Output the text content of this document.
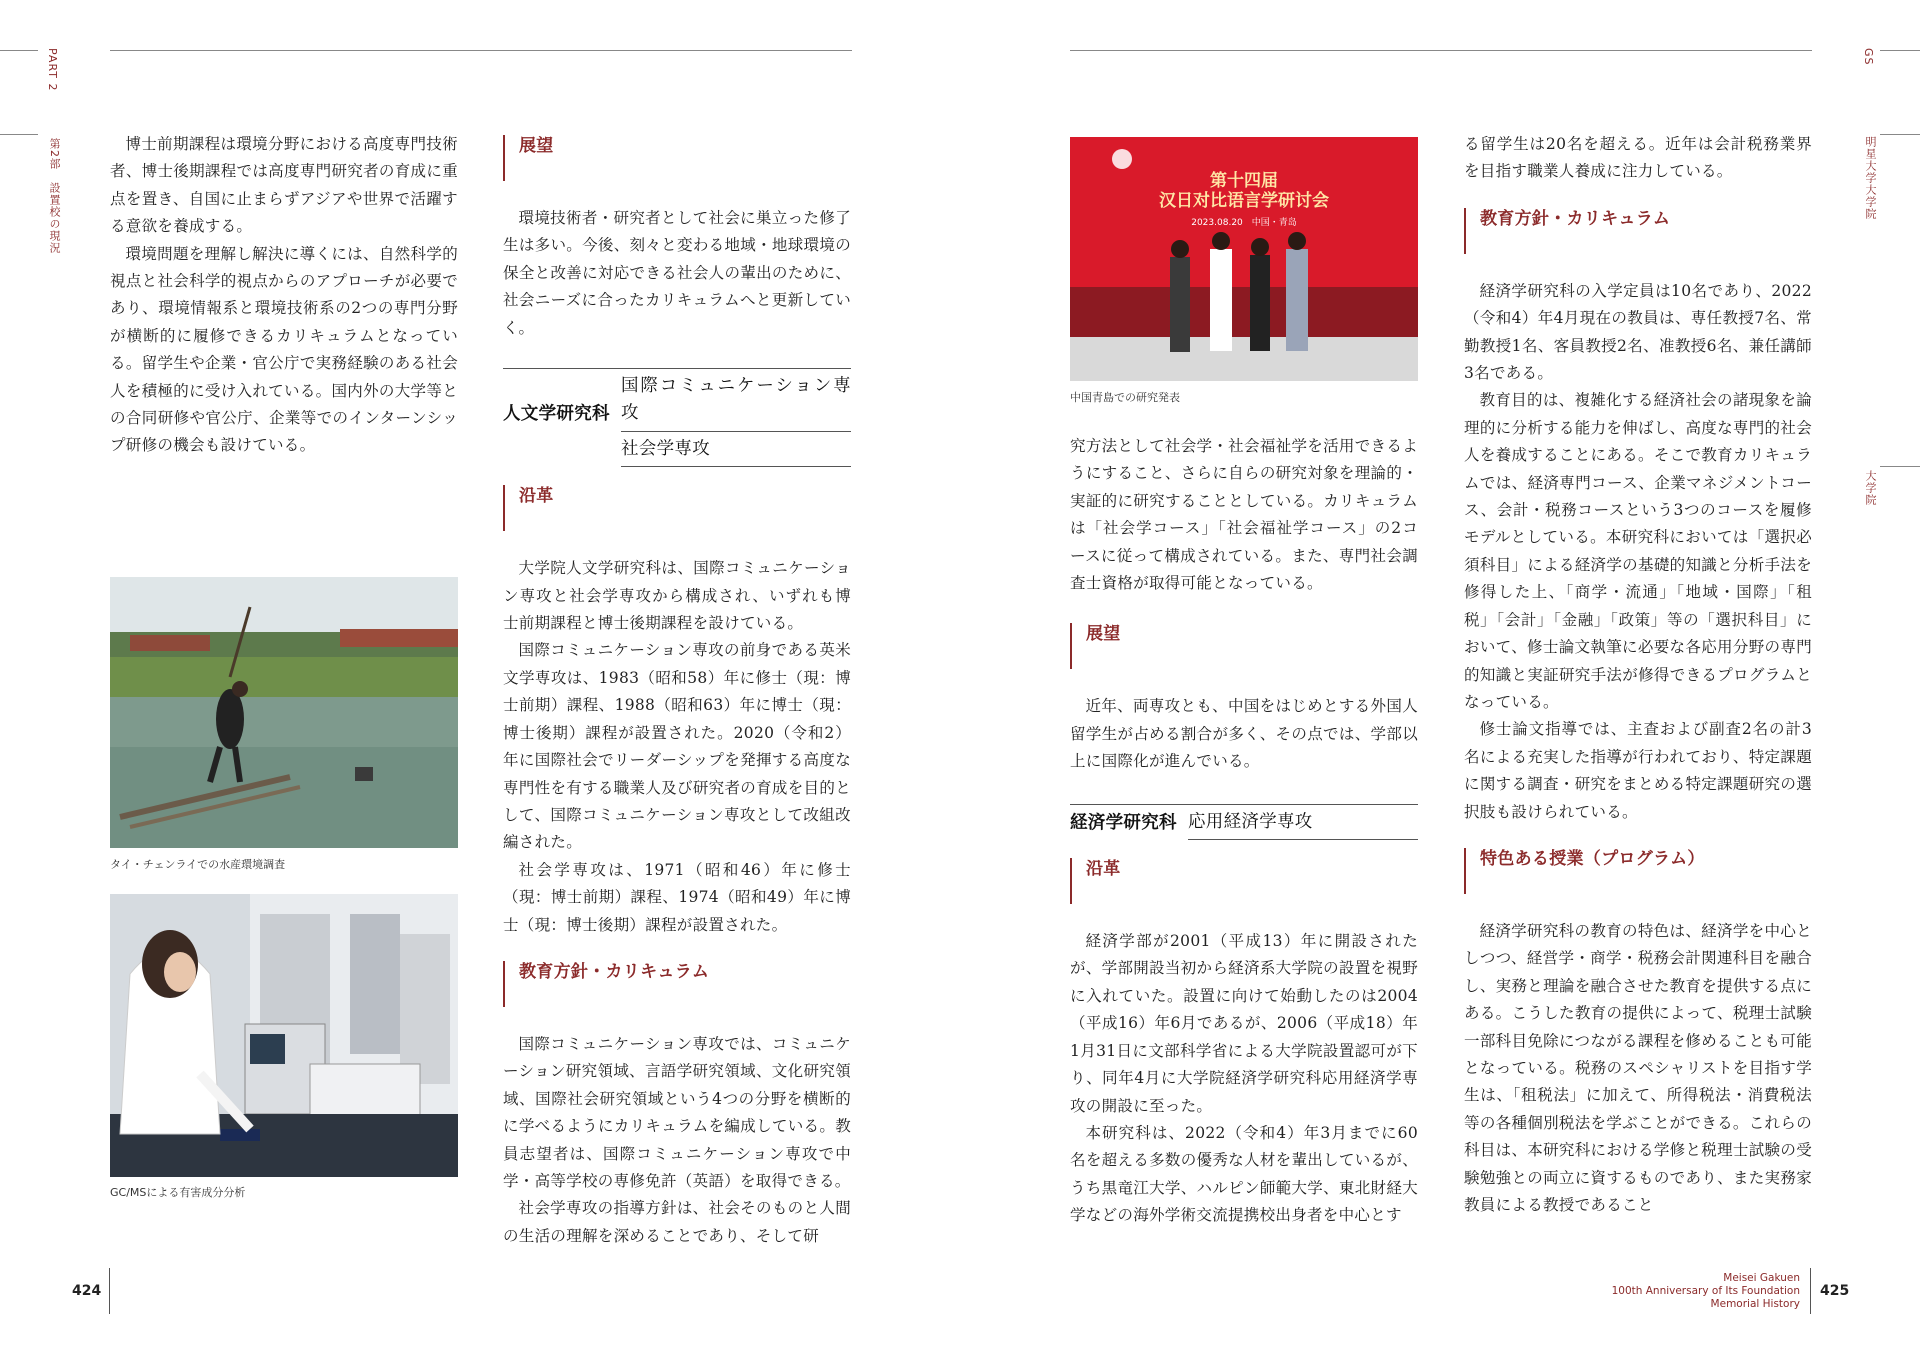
PART 2
第2部　設置校の現況
GS
明星大学大学院
大学院

博士前期課程は環境分野における高度専門技術者、博士後期課程では高度専門研究者の育成に重点を置き、自国に止まらずアジアや世界で活躍する意欲を養成する。

環境問題を理解し解決に導くには、自然科学的視点と社会科学的視点からのアプローチが必要であり、環境情報系と環境技術系の2つの専門分野が横断的に履修できるカリキュラムとなっている。留学生や企業・官公庁で実務経験のある社会人を積極的に受け入れている。国内外の大学等との合同研修や官公庁、企業等でのインターンシップ研修の機会も設けている。

タイ・チェンライでの水産環境調査
GC/MSによる有害成分分析
展望

環境技術者・研究者として社会に巣立った修了生は多い。今後、刻々と変わる地域・地球環境の保全と改善に対応できる社会人の輩出のために、社会ニーズに合ったカリキュラムへと更新していく。

人文学研究科
国際コミュニケーション専攻
社会学専攻
沿革

大学院人文学研究科は、国際コミュニケーション専攻と社会学専攻から構成され、いずれも博士前期課程と博士後期課程を設けている。

国際コミュニケーション専攻の前身である英米文学専攻は、1983（昭和58）年に修士（現：博士前期）課程、1988（昭和63）年に博士（現：博士後期）課程が設置された。2020（令和2）年に国際社会でリーダーシップを発揮する高度な専門性を有する職業人及び研究者の育成を目的として、国際コミュニケーション専攻として改組改編された。

社会学専攻は、1971（昭和46）年に修士（現：博士前期）課程、1974（昭和49）年に博士（現：博士後期）課程が設置された。

教育方針・カリキュラム

国際コミュニケーション専攻では、コミュニケーション研究領域、言語学研究領域、文化研究領域、国際社会研究領域という4つの分野を横断的に学べるようにカリキュラムを編成している。教員志望者は、国際コミュニケーション専攻で中学・高等学校の専修免許（英語）を取得できる。

社会学専攻の指導方針は、社会そのものと人間の生活の理解を深めることであり、そして研

第十四届
汉日对比语言学研讨会
2023.08.20　中国・青岛
中国青島での研究発表

究方法として社会学・社会福祉学を活用できるようにすること、さらに自らの研究対象を理論的・実証的に研究することとしている。カリキュラムは「社会学コース」「社会福祉学コース」の2コースに従って構成されている。また、専門社会調査士資格が取得可能となっている。

展望

近年、両専攻とも、中国をはじめとする外国人留学生が占める割合が多く、その点では、学部以上に国際化が進んでいる。

経済学研究科 応用経済学専攻
沿革

経済学部が2001（平成13）年に開設されたが、学部開設当初から経済系大学院の設置を視野に入れていた。設置に向けて始動したのは2004（平成16）年6月であるが、2006（平成18）年1月31日に文部科学省による大学院設置認可が下り、同年4月に大学院経済学研究科応用経済学専攻の開設に至った。

本研究科は、2022（令和4）年3月までに60名を超える多数の優秀な人材を輩出しているが、うち黒竜江大学、ハルピン師範大学、東北財経大学などの海外学術交流提携校出身者を中心とす

る留学生は20名を超える。近年は会計税務業界を目指す職業人養成に注力している。

教育方針・カリキュラム

経済学研究科の入学定員は10名であり、2022（令和4）年4月現在の教員は、専任教授7名、常勤教授1名、客員教授2名、准教授6名、兼任講師3名である。

教育目的は、複雑化する経済社会の諸現象を論理的に分析する能力を伸ばし、高度な専門的社会人を養成することにある。そこで教育カリキュラムでは、経済専門コース、企業マネジメントコース、会計・税務コースという3つのコースを履修モデルとしている。本研究科においては「選択必須科目」による経済学の基礎的知識と分析手法を修得した上、「商学・流通」「地域・国際」「租税」「会計」「金融」「政策」等の「選択科目」において、修士論文執筆に必要な各応用分野の専門的知識と実証研究手法が修得できるプログラムとなっている。

修士論文指導では、主査および副査2名の計3名による充実した指導が行われており、特定課題に関する調査・研究をまとめる特定課題研究の選択肢も設けられている。

特色ある授業（プログラム）

経済学研究科の教育の特色は、経済学を中心としつつ、経営学・商学・税務会計関連科目を融合し、実務と理論を融合させた教育を提供する点にある。こうした教育の提供によって、税理士試験一部科目免除につながる課程を修めることも可能となっている。税務のスペシャリストを目指す学生は、「租税法」に加えて、所得税法・消費税法等の各種個別税法を学ぶことができる。これらの科目は、本研究科における学修と税理士試験の受験勉強との両立に資するものであり、また実務家教員による教授であること

424
Meisei Gakuen
100th Anniversary of Its Foundation
Memorial History
425
